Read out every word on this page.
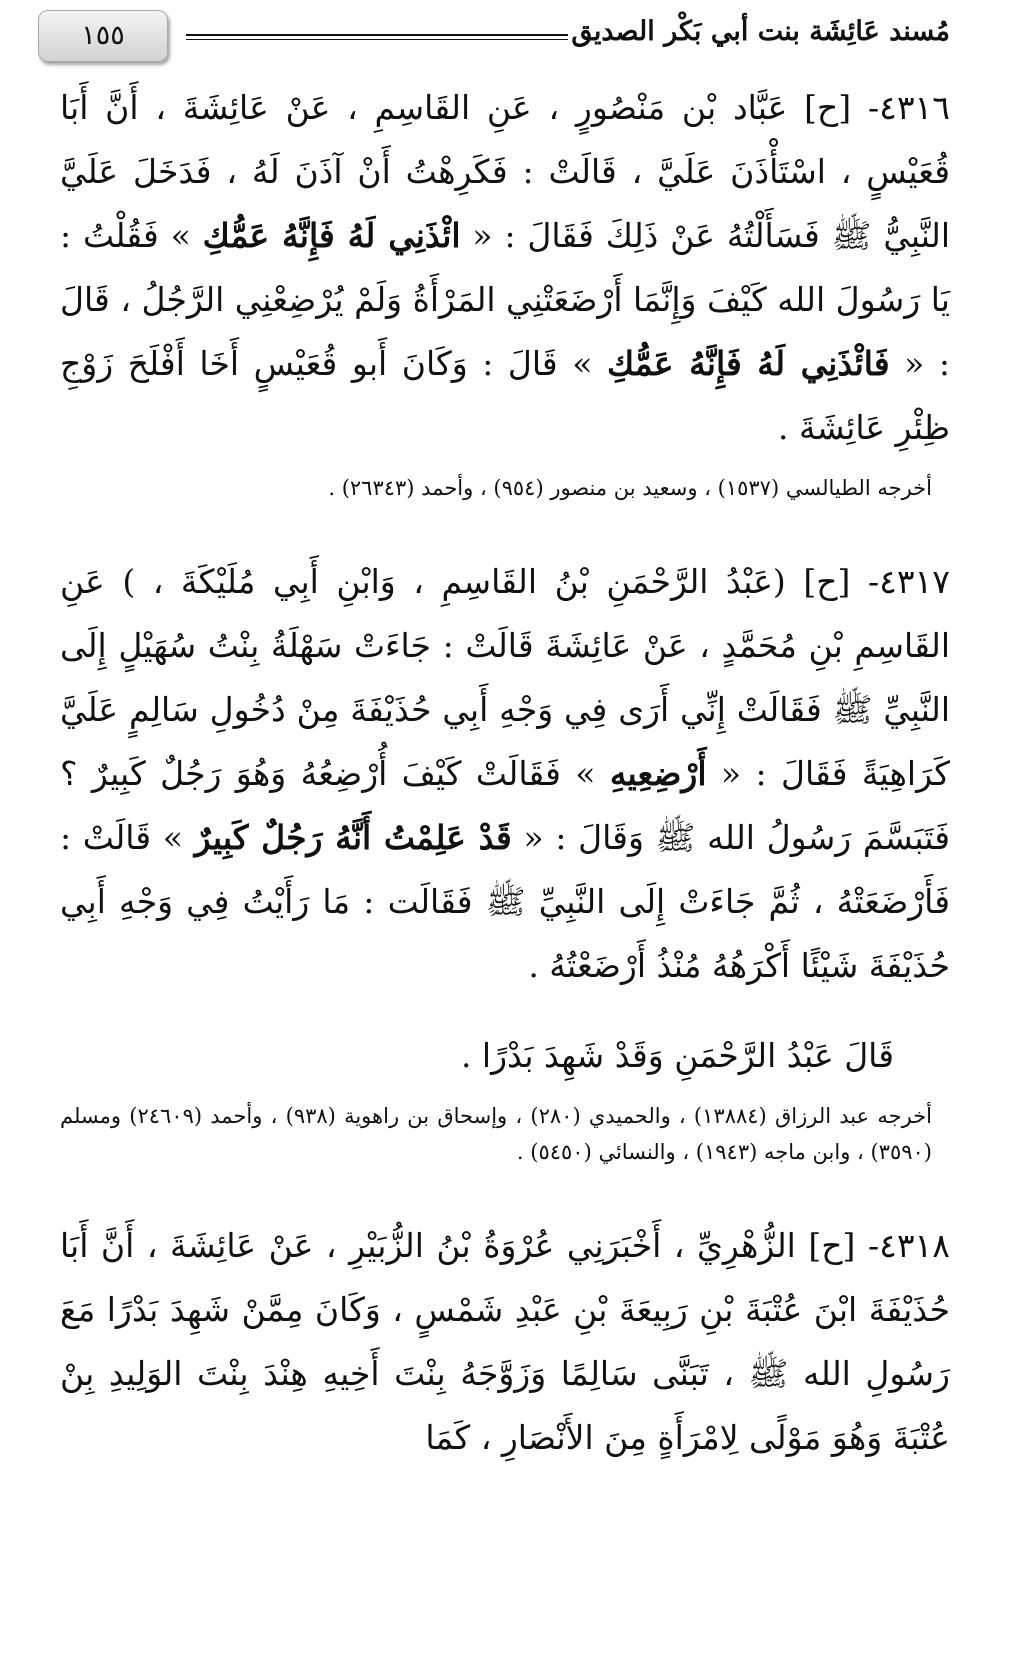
مُسند عَائِشَة بنت أبي بَكْر الصديق
١٥٥

٤٣١٦- [ح] عَبَّاد بْن مَنْصُورٍ ، عَنِ القَاسِمِ ، عَنْ عَائِشَةَ ، أَنَّ أَبَا قُعَيْسٍ ، اسْتَأْذَنَ عَلَيَّ ، قَالَتْ : فَكَرِهْتُ أَنْ آذَنَ لَهُ ، فَدَخَلَ عَلَيَّ النَّبِيُّ ﷺ فَسَأَلْتُهُ عَنْ ذَلِكَ فَقَالَ : « ائْذَنِي لَهُ فَإِنَّهُ عَمُّكِ » فَقُلْتُ : يَا رَسُولَ الله كَيْفَ وَإِنَّمَا أَرْضَعَتْنِي المَرْأَةُ وَلَمْ يُرْضِعْنِي الرَّجُلُ ، قَالَ : « فَائْذَنِي لَهُ فَإِنَّهُ عَمُّكِ » قَالَ : وَكَانَ أَبو قُعَيْسٍ أَخَا أَفْلَحَ زَوْجِ ظِئْرِ عَائِشَةَ .

أخرجه الطيالسي (١٥٣٧) ، وسعيد بن منصور (٩٥٤) ، وأحمد (٢٦٣٤٣) .

٤٣١٧- [ح] (عَبْدُ الرَّحْمَنِ بْنُ القَاسِمِ ، وَابْنِ أَبِي مُلَيْكَةَ ، ) عَنِ القَاسِمِ بْنِ مُحَمَّدٍ ، عَنْ عَائِشَةَ قَالَتْ : جَاءَتْ سَهْلَةُ بِنْتُ سُهَيْلٍ إِلَى النَّبِيِّ ﷺ فَقَالَتْ إِنِّي أَرَى فِي وَجْهِ أَبِي حُذَيْفَةَ مِنْ دُخُولِ سَالِمٍ عَلَيَّ كَرَاهِيَةً فَقَالَ : « أَرْضِعِيهِ » فَقَالَتْ كَيْفَ أُرْضِعُهُ وَهُوَ رَجُلٌ كَبِيرٌ ؟ فَتَبَسَّمَ رَسُولُ الله ﷺ وَقَالَ : « قَدْ عَلِمْتُ أَنَّهُ رَجُلٌ كَبِيرٌ » قَالَتْ : فَأَرْضَعَتْهُ ، ثُمَّ جَاءَتْ إِلَى النَّبِيِّ ﷺ فَقَالَت : مَا رَأَيْتُ فِي وَجْهِ أَبِي حُذَيْفَةَ شَيْئًا أَكْرَهُهُ مُنْذُ أَرْضَعْتُهُ .

قَالَ عَبْدُ الرَّحْمَنِ وَقَدْ شَهِدَ بَدْرًا .

أخرجه عبد الرزاق (١٣٨٨٤) ، والحميدي (٢٨٠) ، وإسحاق بن راهوية (٩٣٨) ، وأحمد (٢٤٦٠٩) ومسلم (٣٥٩٠) ، وابن ماجه (١٩٤٣) ، والنسائي (٥٤٥٠) .

٤٣١٨- [ح] الزُّهْرِيِّ ، أَخْبَرَنِي عُرْوَةُ بْنُ الزُّبَيْرِ ، عَنْ عَائِشَةَ ، أَنَّ أَبَا حُذَيْفَةَ ابْنَ عُتْبَةَ بْنِ رَبِيعَةَ بْنِ عَبْدِ شَمْسٍ ، وَكَانَ مِمَّنْ شَهِدَ بَدْرًا مَعَ رَسُولِ الله ﷺ ، تَبَنَّى سَالِمًا وَزَوَّجَهُ بِنْتَ أَخِيهِ هِنْدَ بِنْتَ الوَلِيدِ بِنْ عُتْبَةَ وَهُوَ مَوْلًى لِامْرَأَةٍ مِنَ الأَنْصَارِ ، كَمَا
